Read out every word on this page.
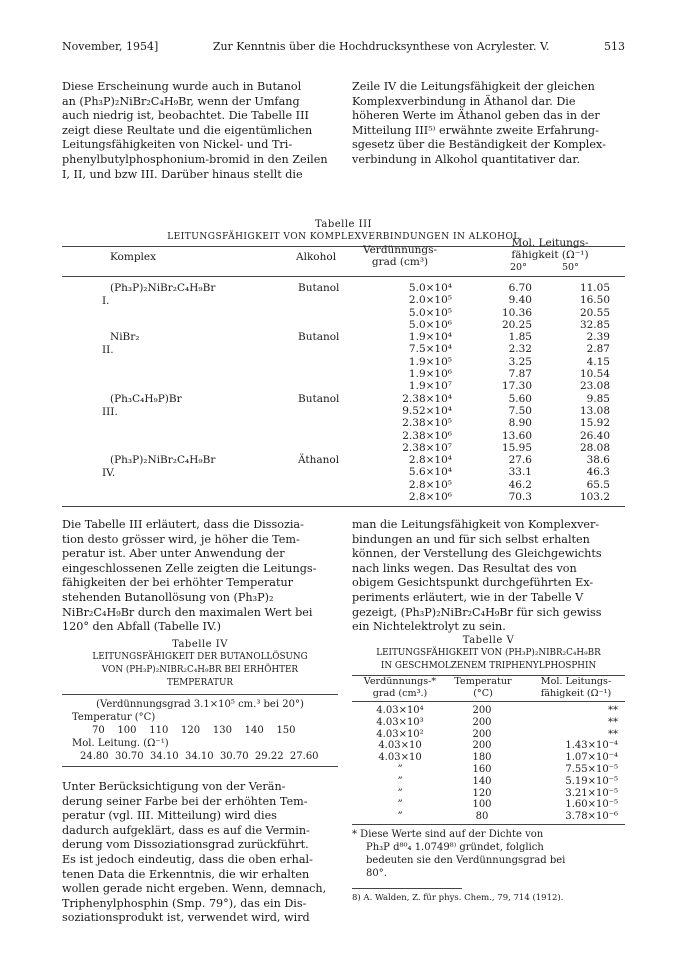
November, 1954]	Zur Kenntnis über die Hochdrucksynthese von Acrylester. V.	513

Diese Erscheinung wurde auch in Butanol

an (Ph₃P)₂NiBr₂C₄H₉Br, wenn der Umfang

auch niedrig ist, beobachtet. Die Tabelle III

zeigt diese Reultate und die eigentümlichen

Leitungsfähigkeiten von Nickel- und Tri-

phenylbutylphosphonium-bromid in den Zeilen

I, II, und bzw III. Darüber hinaus stellt die

Zeile IV die Leitungsfähigkeit der gleichen

Komplexverbindung in Äthanol dar. Die

höheren Werte im Äthanol geben das in der

Mitteilung III⁵⁾ erwähnte zweite Erfahrung-

sgesetz über die Beständigkeit der Komplex-

verbindung in Alkohol quantitativer dar.

Tabelle III
LEITUNGSFÄHIGKEIT VON KOMPLEXVERBINDUNGEN IN ALKOHOL
Komplex	Alkohol
Verdünnungs-
grad (cm³)
Mol. Leitungs-
fähigkeit (Ω⁻¹)
20°	50°
(Ph₃P)₂NiBr₂C₄H₉Br
I.
Butanol	5.0×10⁴	6.70	11.05
2.0×10⁵	9.40	16.50
5.0×10⁵	10.36	20.55
5.0×10⁶	20.25	32.85
NiBr₂
II.
Butanol	1.9×10⁴	1.85	2.39
7.5×10⁴	2.32	2.87
1.9×10⁵	3.25	4.15
1.9×10⁶	7.87	10.54
1.9×10⁷	17.30	23.08
(Ph₃C₄H₉P)Br
III.
Butanol	2.38×10⁴	5.60	9.85
9.52×10⁴	7.50	13.08
2.38×10⁵	8.90	15.92
2.38×10⁶	13.60	26.40
2.38×10⁷	15.95	28.08
(Ph₃P)₂NiBr₂C₄H₉Br
IV.
Äthanol	2.8×10⁴	27.6	38.6
5.6×10⁴	33.1	46.3
2.8×10⁵	46.2	65.5
2.8×10⁶	70.3	103.2

Die Tabelle III erläutert, dass die Dissozia-

tion desto grösser wird, je höher die Tem-

peratur ist. Aber unter Anwendung der

eingeschlossenen Zelle zeigten die Leitungs-

fähigkeiten der bei erhöhter Temperatur

stehenden Butanollösung von (Ph₃P)₂

NiBr₂C₄H₉Br durch den maximalen Wert bei

120° den Abfall (Tabelle IV.)

man die Leitungsfähigkeit von Komplexver-

bindungen an und für sich selbst erhalten

können, der Verstellung des Gleichgewichts

nach links wegen. Das Resultat des von

obigem Gesichtspunkt durchgeführten Ex-

periments erläutert, wie in der Tabelle V

gezeigt, (Ph₃P)₂NiBr₂C₄H₉Br für sich gewiss

ein Nichtelektrolyt zu sein.

Tabelle IV
LEITUNGSFÄHIGKEIT DER BUTANOLLÖSUNG
VON (PH₃P)₂NIBR₂C₄H₉BR BEI ERHÖHTER
TEMPERATUR
(Verdünnungsgrad 3.1×10⁵ cm.³ bei 20°)
Temperatur (°C)
70    100    110    120    130    140    150
Mol. Leitung. (Ω⁻¹)
24.80  30.70  34.10  34.10  30.70  29.22  27.60

Unter Berücksichtigung von der Verän-

derung seiner Farbe bei der erhöhten Tem-

peratur (vgl. III. Mitteilung) wird dies

dadurch aufgeklärt, dass es auf die Vermin-

derung vom Dissoziationsgrad zurückführt.

Es ist jedoch eindeutig, dass die oben erhal-

tenen Data die Erkenntnis, die wir erhalten

wollen gerade nicht ergeben. Wenn, demnach,

Triphenylphosphin (Smp. 79°), das ein Dis-

soziationsprodukt ist, verwendet wird, wird

Tabelle V
LEITUNGSFÄHIGKEIT VON (PH₃P)₂NIBR₂C₄H₉BR
IN GESCHMOLZENEM TRIPHENYLPHOSPHIN
Verdünnungs-*
grad (cm³.)
Temperatur
(°C)
Mol. Leitungs-
fähigkeit (Ω⁻¹)
4.03×10⁴	200	**
4.03×10³	200	**
4.03×10²	200	**
4.03×10	200	1.43×10⁻⁴
4.03×10	180	1.07×10⁻⁴
”	160	7.55×10⁻⁵
”	140	5.19×10⁻⁵
”	120	3.21×10⁻⁵
”	100	1.60×10⁻⁵
”	80	3.78×10⁻⁶
* Diese Werte sind auf der Dichte von
Ph₃P d⁸⁰₄ 1.0749⁸⁾ gründet, folglich
bedeuten sie den Verdünnungsgrad bei
80°.
8) A. Walden, Z. für phys. Chem., 79, 714 (1912).
